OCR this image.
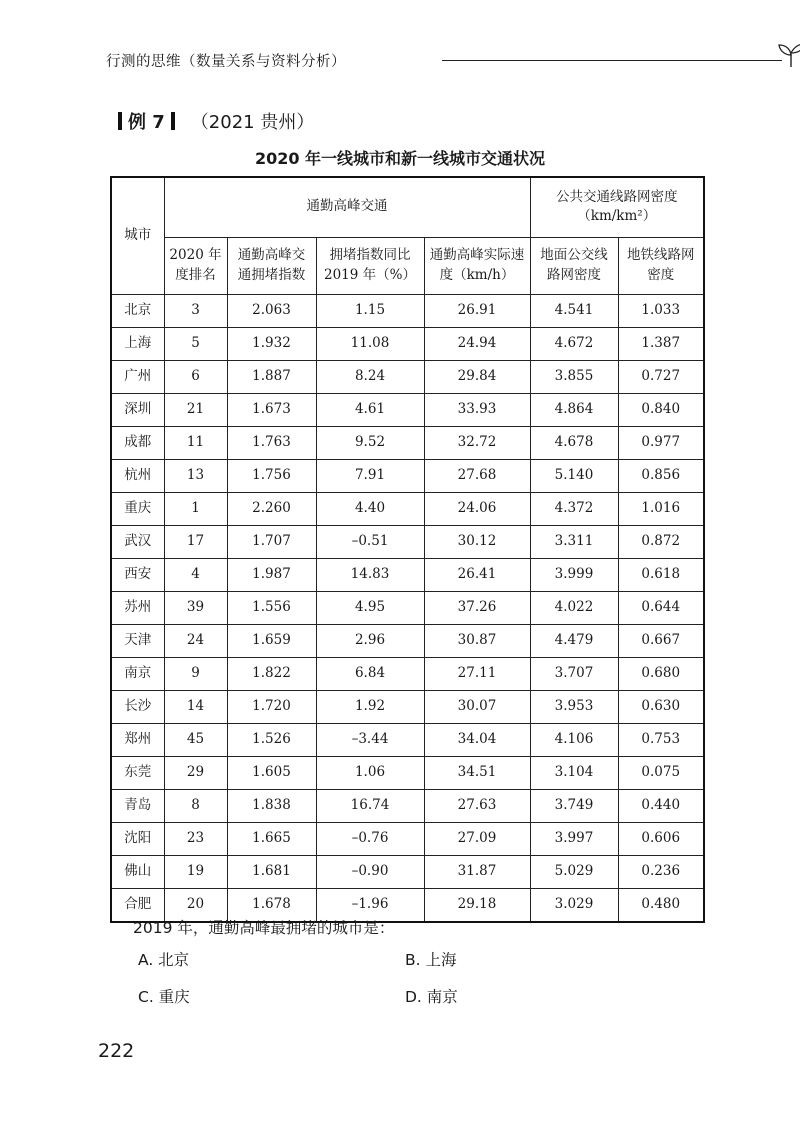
行测的思维（数量关系与资料分析）
例 7 （2021 贵州）
2020 年一线城市和新一线城市交通状况
城市	通勤高峰交通				公共交通线路网密度（km/km²）	
	2020 年度排名	通勤高峰交通拥堵指数	拥堵指数同比2019 年（%）	通勤高峰实际速度（km/h）	地面公交线路网密度	地铁线路网密度
北京	3	2.063	1.15	26.91	4.541	1.033
上海	5	1.932	11.08	24.94	4.672	1.387
广州	6	1.887	8.24	29.84	3.855	0.727
深圳	21	1.673	4.61	33.93	4.864	0.840
成都	11	1.763	9.52	32.72	4.678	0.977
杭州	13	1.756	7.91	27.68	5.140	0.856
重庆	1	2.260	4.40	24.06	4.372	1.016
武汉	17	1.707	–0.51	30.12	3.311	0.872
西安	4	1.987	14.83	26.41	3.999	0.618
苏州	39	1.556	4.95	37.26	4.022	0.644
天津	24	1.659	2.96	30.87	4.479	0.667
南京	9	1.822	6.84	27.11	3.707	0.680
长沙	14	1.720	1.92	30.07	3.953	0.630
郑州	45	1.526	–3.44	34.04	4.106	0.753
东莞	29	1.605	1.06	34.51	3.104	0.075
青岛	8	1.838	16.74	27.63	3.749	0.440
沈阳	23	1.665	–0.76	27.09	3.997	0.606
佛山	19	1.681	–0.90	31.87	5.029	0.236
合肥	20	1.678	–1.96	29.18	3.029	0.480
2019 年，通勤高峰最拥堵的城市是：
A. 北京	B. 上海
C. 重庆	D. 南京
222
